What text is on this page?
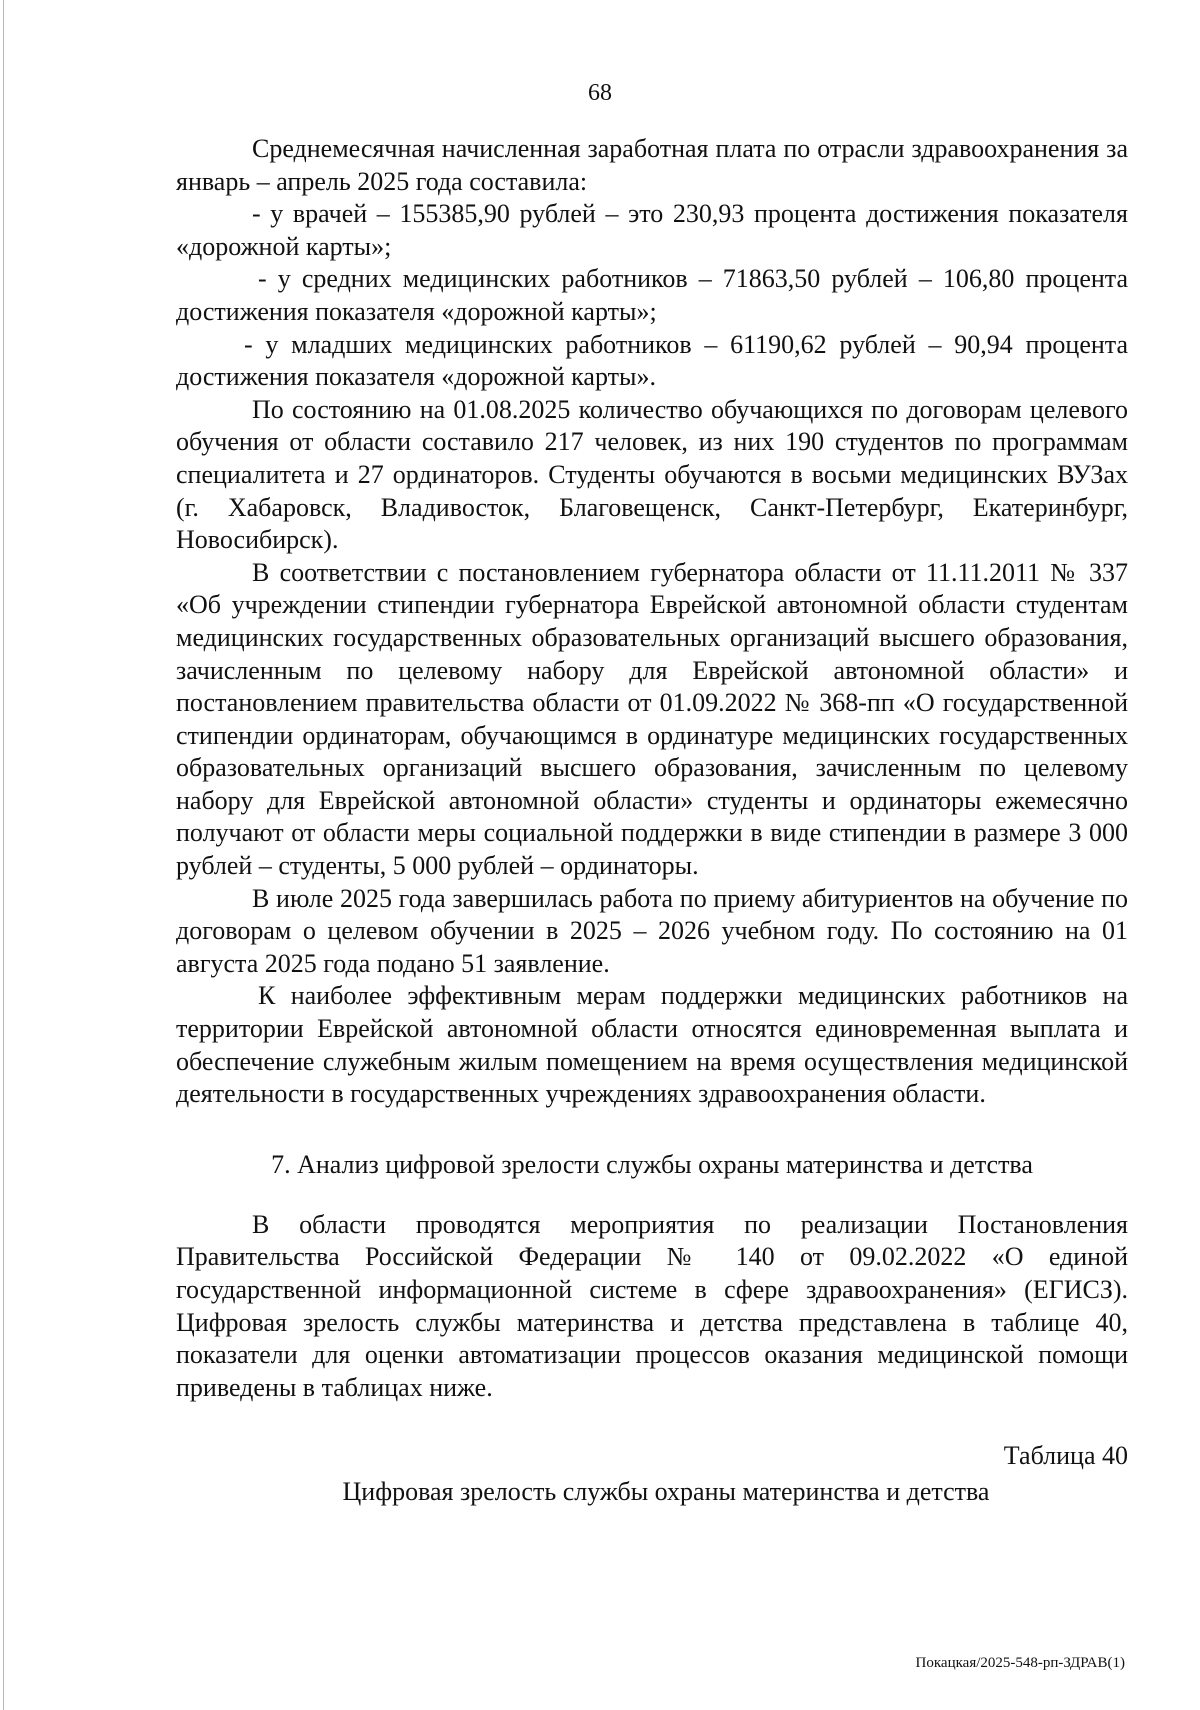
68

Среднемесячная начисленная заработная плата по отрасли здравоохранения за январь – апрель 2025 года составила:

- у врачей – 155385,90 рублей – это 230,93 процента достижения показателя «дорожной карты»;

- у средних медицинских работников – 71863,50 рублей – 106,80 процента достижения показателя «дорожной карты»;

- у младших медицинских работников – 61190,62 рублей – 90,94 процента достижения показателя «дорожной карты».

По состоянию на 01.08.2025 количество обучающихся по договорам целевого обучения от области составило 217 человек, из них 190 студентов по программам специалитета и 27 ординаторов. Студенты обучаются в восьми медицинских ВУЗах (г. Хабаровск, Владивосток, Благовещенск, Санкт-Петербург, Екатеринбург, Новосибирск).

В соответствии с постановлением губернатора области от 11.11.2011 № 337 «Об учреждении стипендии губернатора Еврейской автономной области студентам медицинских государственных образовательных организаций высшего образования, зачисленным по целевому набору для Еврейской автономной области» и постановлением правительства области от 01.09.2022 № 368-пп «О государственной стипендии ординаторам, обучающимся в ординатуре медицинских государственных образовательных организаций высшего образования, зачисленным по целевому набору для Еврейской автономной области» студенты и ординаторы ежемесячно получают от области меры социальной поддержки в виде стипендии в размере 3 000 рублей – студенты, 5 000 рублей – ординаторы.

В июле 2025 года завершилась работа по приему абитуриентов на обучение по договорам о целевом обучении в 2025 – 2026 учебном году. По состоянию на 01 августа 2025 года подано 51 заявление.

К наиболее эффективным мерам поддержки медицинских работников на территории Еврейской автономной области относятся единовременная выплата и обеспечение служебным жилым помещением на время осуществления медицинской деятельности в государственных учреждениях здравоохранения области.

7. Анализ цифровой зрелости службы охраны материнства и детства

В области проводятся мероприятия по реализации Постановления Правительства Российской Федерации № 140 от 09.02.2022 «О единой государственной информационной системе в сфере здравоохранения» (ЕГИСЗ). Цифровая зрелость службы материнства и детства представлена в таблице 40, показатели для оценки автоматизации процессов оказания медицинской помощи приведены в таблицах ниже.

Таблица 40
Цифровая зрелость службы охраны материнства и детства
Покацкая/2025-548-рп-ЗДРАВ(1)
